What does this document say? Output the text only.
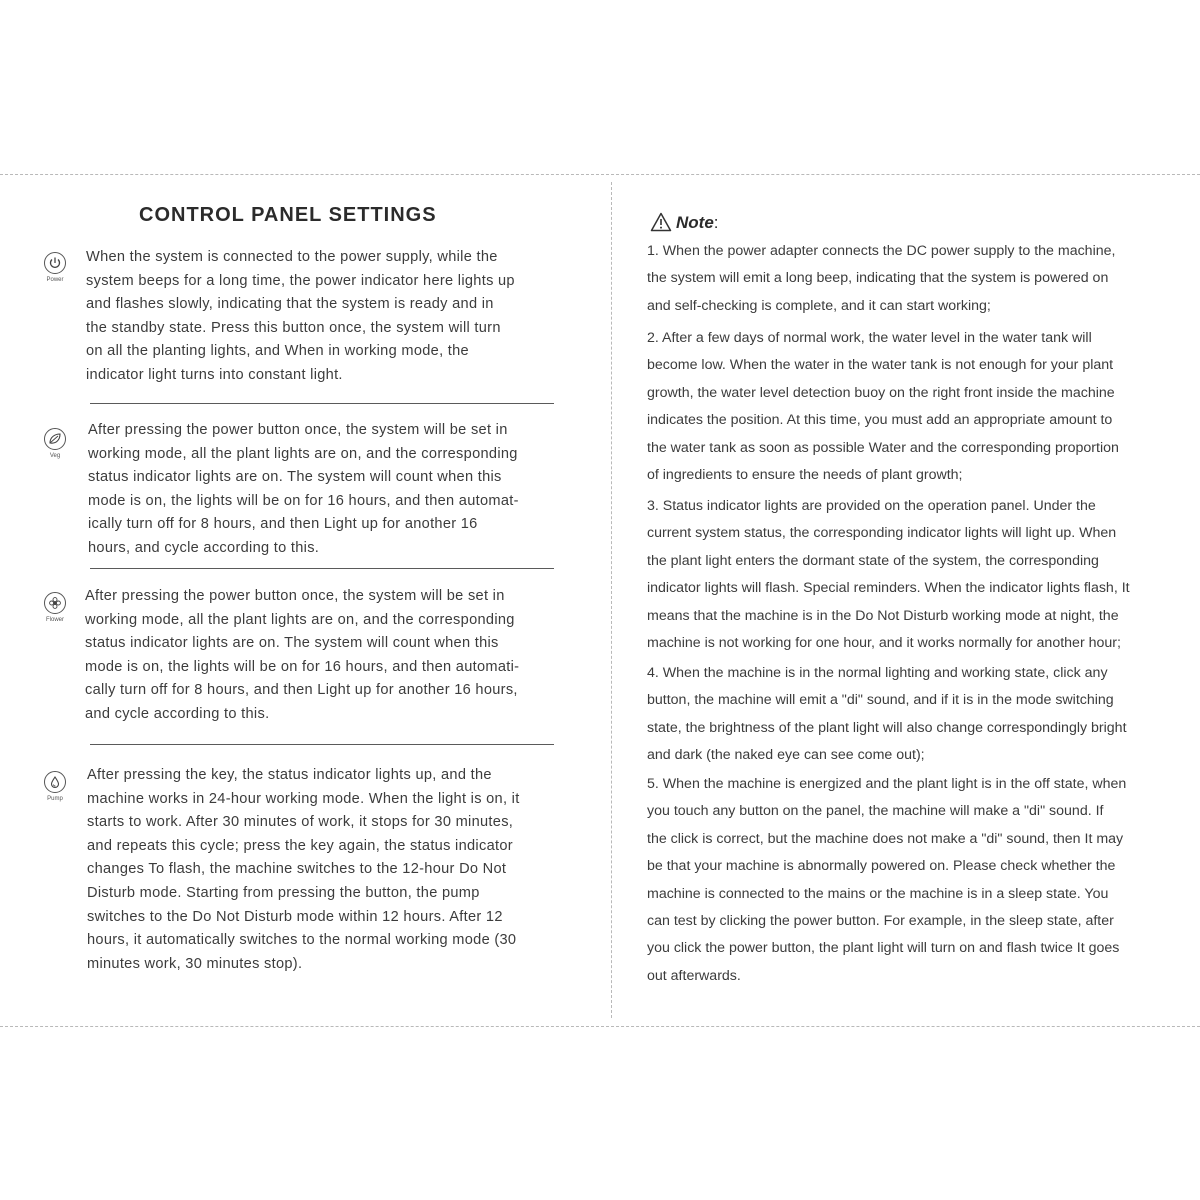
CONTROL PANEL SETTINGS
Power
When the system is connected to the power supply, while the
system beeps for a long time, the power indicator here lights up
and flashes slowly, indicating that the system is ready and in
the standby state. Press this button once, the system will turn
on all the planting lights, and When in working mode, the
indicator light turns into constant light.
Veg
After pressing the power button once, the system will be set in
working mode, all the plant lights are on, and the corresponding
status indicator lights are on. The system will count when this
mode is on, the lights will be on for 16 hours, and then automat-
ically turn off for 8 hours, and then Light up for another 16
hours, and cycle according to this.
Flower
After pressing the power button once, the system will be set in
working mode, all the plant lights are on, and the corresponding
status indicator lights are on. The system will count when this
mode is on, the lights will be on for 16 hours, and then automati-
cally turn off for 8 hours, and then Light up for another 16 hours,
and cycle according to this.
Pump
After pressing the key, the status indicator lights up, and the
machine works in 24-hour working mode. When the light is on, it
starts to work. After 30 minutes of work, it stops for 30 minutes,
and repeats this cycle; press the key again, the status indicator
changes To flash, the machine switches to the 12-hour Do Not
Disturb mode. Starting from pressing the button, the pump
switches to the Do Not Disturb mode within 12 hours. After 12
hours, it automatically switches to the normal working mode (30
minutes work, 30 minutes stop).
Note:
1. When the power adapter connects the DC power supply to the machine,
the system will emit a long beep, indicating that the system is powered on
and self-checking is complete, and it can start working;
2. After a few days of normal work, the water level in the water tank will
become low. When the water in the water tank is not enough for your plant
growth, the water level detection buoy on the right front inside the machine
indicates the position. At this time, you must add an appropriate amount to
the water tank as soon as possible Water and the corresponding proportion
of ingredients to ensure the needs of plant growth;
3. Status indicator lights are provided on the operation panel. Under the
current system status, the corresponding indicator lights will light up. When
the plant light enters the dormant state of the system, the corresponding
indicator lights will flash. Special reminders. When the indicator lights flash, It
means that the machine is in the Do Not Disturb working mode at night, the
machine is not working for one hour, and it works normally for another hour;
4. When the machine is in the normal lighting and working state, click any
button, the machine will emit a "di" sound, and if it is in the mode switching
state, the brightness of the plant light will also change correspondingly bright
and dark (the naked eye can see come out);
5. When the machine is energized and the plant light is in the off state, when
you touch any button on the panel, the machine will make a "di" sound. If
the click is correct, but the machine does not make a "di" sound, then It may
be that your machine is abnormally powered on. Please check whether the
machine is connected to the mains or the machine is in a sleep state. You
can test by clicking the power button. For example, in the sleep state, after
you click the power button, the plant light will turn on and flash twice It goes
out afterwards.
